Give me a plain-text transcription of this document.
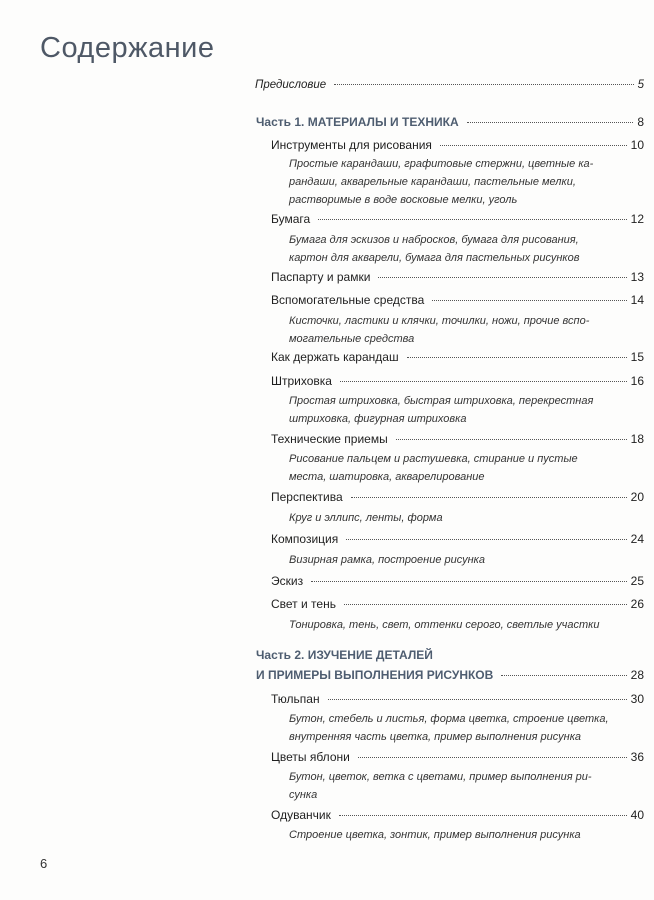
Содержание
Предисловие	5
Часть 1. МАТЕРИАЛЫ И ТЕХНИКА	8
Инструменты для рисования	10
Простые карандаши, графитовые стержни, цветные ка-
рандаши, акварельные карандаши, пастельные мелки,
растворимые в воде восковые мелки, уголь
Бумага	12
Бумага для эскизов и набросков, бумага для рисования,
картон для акварели, бумага для пастельных рисунков
Паспарту и рамки	13
Вспомогательные средства	14
Кисточки, ластики и клячки, точилки, ножи, прочие вспо-
могательные средства
Как держать карандаш	15
Штриховка	16
Простая штриховка, быстрая штриховка, перекрестная
штриховка, фигурная штриховка
Технические приемы	18
Рисование пальцем и растушевка, стирание и пустые
места, шатировка, акварелирование
Перспектива	20
Круг и эллипс, ленты, форма
Композиция	24
Визирная рамка, построение рисунка
Эскиз	25
Свет и тень	26
Тонировка, тень, свет, оттенки серого, светлые участки
Часть 2. ИЗУЧЕНИЕ ДЕТАЛЕЙ
И ПРИМЕРЫ ВЫПОЛНЕНИЯ РИСУНКОВ	28
Тюльпан	30
Бутон, стебель и листья, форма цветка, строение цветка,
внутренняя часть цветка, пример выполнения рисунка
Цветы яблони	36
Бутон, цветок, ветка с цветами, пример выполнения ри-
сунка
Одуванчик	40
Строение цветка, зонтик, пример выполнения рисунка
6
